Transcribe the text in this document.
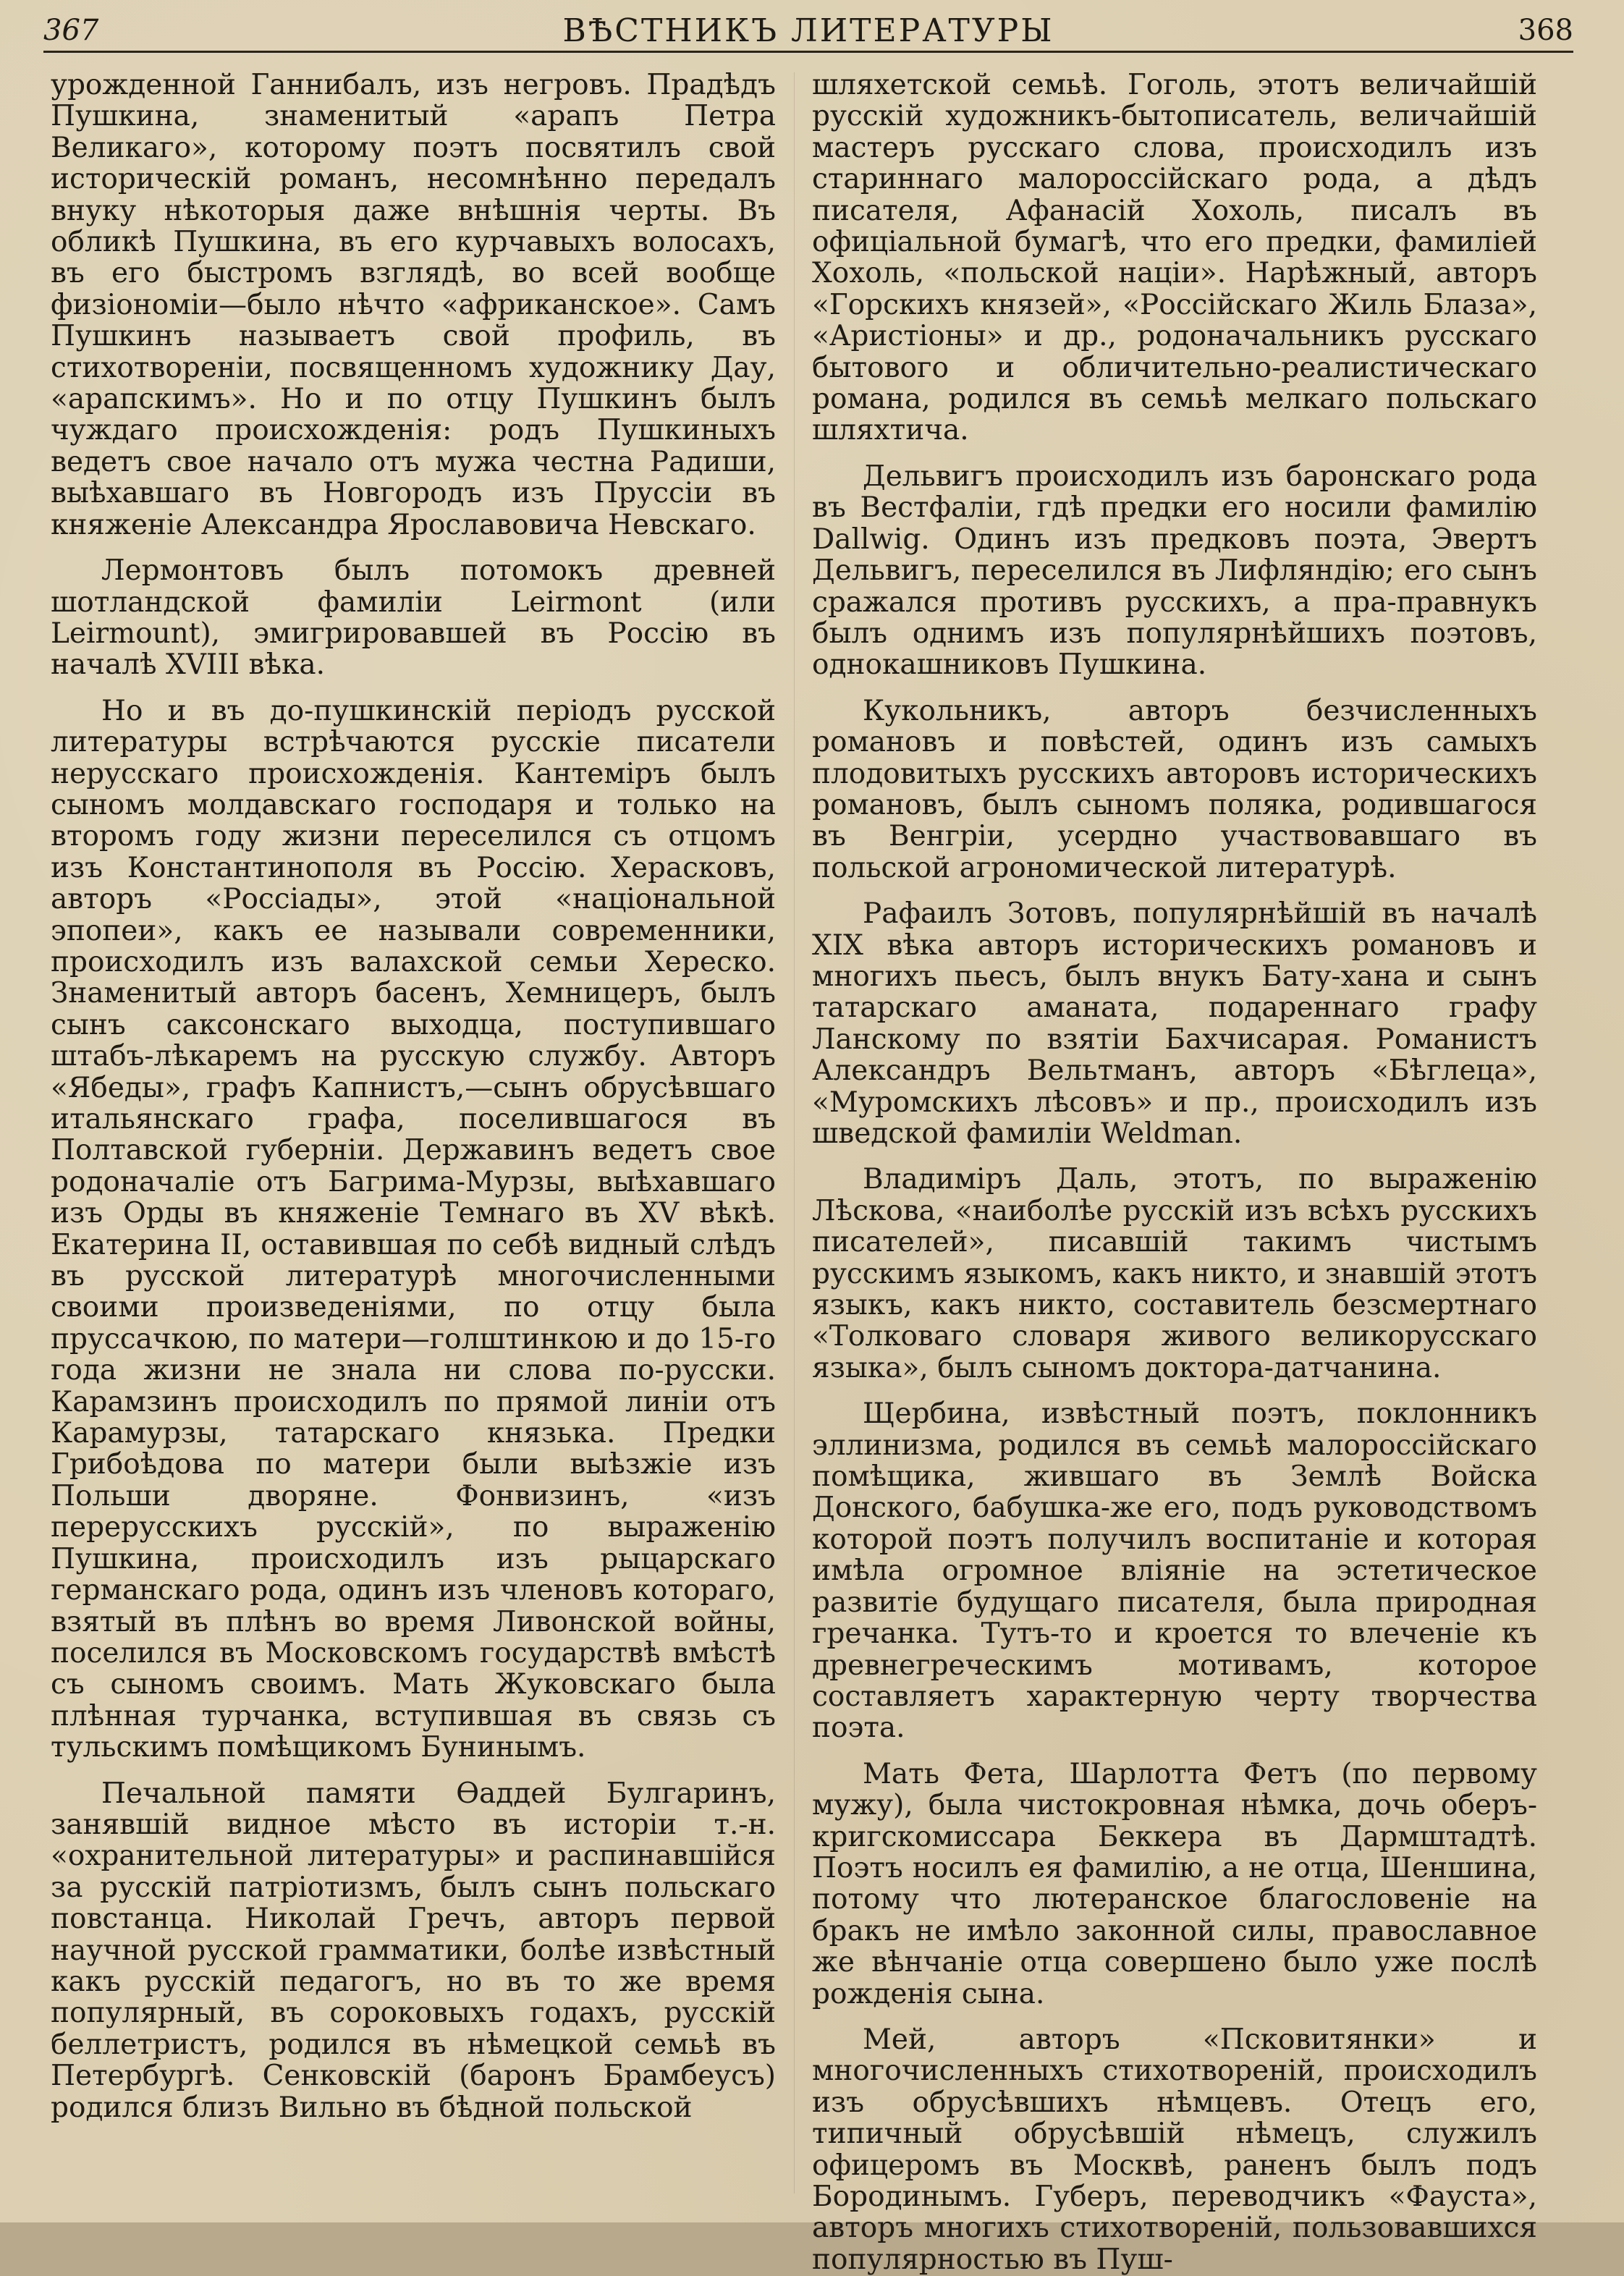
367	ВѢСТНИКЪ ЛИТЕРАТУРЫ	368

урожденной Ганнибалъ, изъ негровъ. Прадѣдъ Пушкина, знаменитый «арапъ Петра Великаго», которому поэтъ посвятилъ свой историческій романъ, несомнѣнно передалъ внуку нѣкоторыя даже внѣшнія черты. Въ обликѣ Пушкина, въ его курчавыхъ волосахъ, въ его быстромъ взглядѣ, во всей вообще физіономіи—было нѣчто «африканское». Самъ Пушкинъ называетъ свой профиль, въ стихотвореніи, посвященномъ художнику Дау, «арапскимъ». Но и по отцу Пушкинъ былъ чуждаго происхожденія: родъ Пушкиныхъ ведетъ свое начало отъ мужа честна Радиши, выѣхавшаго въ Новгородъ изъ Пруссіи въ княженіе Александра Ярославовича Невскаго.

Лермонтовъ былъ потомокъ древней шотландской фамиліи Leirmont (или Leirmount), эмигрировавшей въ Россію въ началѣ XVIII вѣка.

Но и въ до-пушкинскій періодъ русской литературы встрѣчаются русскіе писатели нерусскаго происхожденія. Кантеміръ былъ сыномъ молдавскаго господаря и только на второмъ году жизни переселился съ отцомъ изъ Константинополя въ Россію. Херасковъ, авторъ «Россіады», этой «національной эпопеи», какъ ее называли современники, происходилъ изъ валахской семьи Хереско. Знаменитый авторъ басенъ, Хемницеръ, былъ сынъ саксонскаго выходца, поступившаго штабъ-лѣкаремъ на русскую службу. Авторъ «Ябеды», графъ Капнистъ,—сынъ обрусѣвшаго итальянскаго графа, поселившагося въ Полтавской губерніи. Державинъ ведетъ свое родоначаліе отъ Багрима-Мурзы, выѣхавшаго изъ Орды въ княженіе Темнаго въ XV вѣкѣ. Екатерина II, оставившая по себѣ видный слѣдъ въ русской литературѣ многочисленными своими произведеніями, по отцу была пруссачкою, по матери—голштинкою и до 15-го года жизни не знала ни слова по-русски. Карамзинъ происходилъ по прямой линіи отъ Карамурзы, татарскаго князька. Предки Грибоѣдова по матери были выѣзжіе изъ Польши дворяне. Фонвизинъ, «изъ перерусскихъ русскій», по выраженію Пушкина, происходилъ изъ рыцарскаго германскаго рода, одинъ изъ членовъ котораго, взятый въ плѣнъ во время Ливонской войны, поселился въ Московскомъ государствѣ вмѣстѣ съ сыномъ своимъ. Мать Жуковскаго была плѣнная турчанка, вступившая въ связь съ тульскимъ помѣщикомъ Бунинымъ.

Печальной памяти Ѳаддей Булгаринъ, занявшій видное мѣсто въ исторіи т.-н. «охранительной литературы» и распинавшійся за русскій патріотизмъ, былъ сынъ польскаго повстанца. Николай Гречъ, авторъ первой научной русской грамматики, болѣе извѣстный какъ русскій педагогъ, но въ то же время популярный, въ сороковыхъ годахъ, русскій беллетристъ, родился въ нѣмецкой семьѣ въ Петербургѣ. Сенковскій (баронъ Брамбеусъ) родился близъ Вильно въ бѣдной польской

шляхетской семьѣ. Гоголь, этотъ величайшій русскій художникъ-бытописатель, величайшій мастеръ русскаго слова, происходилъ изъ стариннаго малороссійскаго рода, а дѣдъ писателя, Афанасій Хохоль, писалъ въ офиціальной бумагѣ, что его предки, фамиліей Хохоль, «польской націи». Нарѣжный, авторъ «Горскихъ князей», «Россійскаго Жиль Блаза», «Аристіоны» и др., родоначальникъ русскаго бытового и обличительно-реалистическаго романа, родился въ семьѣ мелкаго польскаго шляхтича.

Дельвигъ происходилъ изъ баронскаго рода въ Вестфаліи, гдѣ предки его носили фамилію Dallwig. Одинъ изъ предковъ поэта, Эвертъ Дельвигъ, переселился въ Лифляндію; его сынъ сражался противъ русскихъ, а пра-правнукъ былъ однимъ изъ популярнѣйшихъ поэтовъ, однокашниковъ Пушкина.

Кукольникъ, авторъ безчисленныхъ романовъ и повѣстей, одинъ изъ самыхъ плодовитыхъ русскихъ авторовъ историческихъ романовъ, былъ сыномъ поляка, родившагося въ Венгріи, усердно участвовавшаго въ польской агрономической литературѣ.

Рафаилъ Зотовъ, популярнѣйшій въ началѣ XIX вѣка авторъ историческихъ романовъ и многихъ пьесъ, былъ внукъ Бату-хана и сынъ татарскаго аманата, подареннаго графу Ланскому по взятіи Бахчисарая. Романистъ Александръ Вельтманъ, авторъ «Бѣглеца», «Муромскихъ лѣсовъ» и пр., происходилъ изъ шведской фамиліи Weldman.

Владиміръ Даль, этотъ, по выраженію Лѣскова, «наиболѣе русскій изъ всѣхъ русскихъ писателей», писавшій такимъ чистымъ русскимъ языкомъ, какъ никто, и знавшій этотъ языкъ, какъ никто, составитель безсмертнаго «Толковаго словаря живого великорусскаго языка», былъ сыномъ доктора-датчанина.

Щербина, извѣстный поэтъ, поклонникъ эллинизма, родился въ семьѣ малороссійскаго помѣщика, жившаго въ Землѣ Войска Донского, бабушка-же его, подъ руководствомъ которой поэтъ получилъ воспитаніе и которая имѣла огромное вліяніе на эстетическое развитіе будущаго писателя, была природная гречанка. Тутъ-то и кроется то влеченіе къ древнегреческимъ мотивамъ, которое составляетъ характерную черту творчества поэта.

Мать Фета, Шарлотта Фетъ (по первому мужу), была чистокровная нѣмка, дочь оберъ-кригскомиссара Беккера въ Дармштадтѣ. Поэтъ носилъ ея фамилію, а не отца, Шеншина, потому что лютеранское благословеніе на бракъ не имѣло законной силы, православное же вѣнчаніе отца совершено было уже послѣ рожденія сына.

Мей, авторъ «Псковитянки» и многочисленныхъ стихотвореній, происходилъ изъ обрусѣвшихъ нѣмцевъ. Отецъ его, типичный обрусѣвшій нѣмецъ, служилъ офицеромъ въ Москвѣ, раненъ былъ подъ Бородинымъ. Губеръ, переводчикъ «Фауста», авторъ многихъ стихотвореній, пользовавшихся популярностью въ Пуш-
